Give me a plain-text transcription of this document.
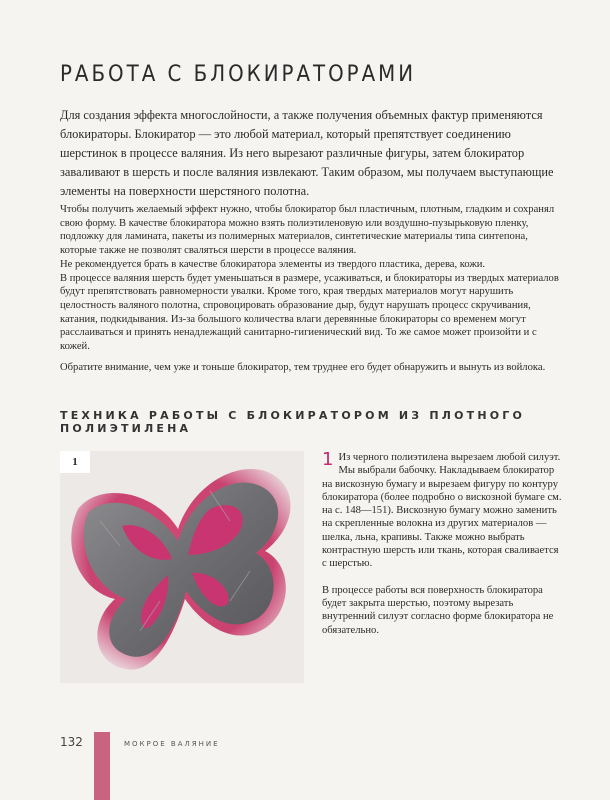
РАБОТА С БЛОКИРАТОРАМИ

Для создания эффекта многослойности, а также получения объемных фактур применяются блокираторы. Блокиратор — это любой материал, который препятствует соединению шерстинок в процессе валяния. Из него вырезают различные фигуры, затем блокиратор заваливают в шерсть и после валяния извлекают. Таким образом, мы получаем выступающие элементы на поверхности шерстяного полотна.

Чтобы получить желаемый эффект нужно, чтобы блокиратор был пластичным, плотным, гладким и сохранял свою форму. В качестве блокиратора можно взять полиэтиленовую или воздушно-пузырьковую пленку, подложку для ламината, пакеты из полимерных материалов, синтетические материалы типа синтепона, которые также не позволят сваляться шерсти в процессе валяния.

Не рекомендуется брать в качестве блокиратора элементы из твердого пластика, дерева, кожи.

В процессе валяния шерсть будет уменьшаться в размере, усаживаться, и блокираторы из твердых материалов будут препятствовать равномерности увалки. Кроме того, края твердых материалов могут нарушить целостность валяного полотна, спровоцировать образование дыр, будут нарушать процесс скручивания, катания, подкидывания. Из-за большого количества влаги деревянные блокираторы со временем могут расслаиваться и принять ненадлежащий санитарно-гигиенический вид. То же самое может произойти и с кожей.

Обратите внимание, чем уже и тоньше блокиратор, тем труднее его будет обнаружить и вынуть из войлока.

ТЕХНИКА РАБОТЫ С БЛОКИРАТОРОМ ИЗ ПЛОТНОГО ПОЛИЭТИЛЕНА
1	1 Из черного полиэтилена вырезаем любой силуэт. Мы выбрали бабочку. Накладываем блокиратор на вискозную бумагу и вырезаем фигуру по контуру блокиратора (более подробно о вискозной бумаге см. на с. 148—151). Вискозную бумагу можно заменить на скрепленные волокна из других материалов — шелка, льна, крапивы. Также можно выбрать контрастную шерсть или ткань, которая сваливается с шерстью.

В процессе работы вся поверхность блокиратора будет закрыта шерстью, поэтому вырезать внутренний силуэт согласно форме блокиратора не обязательно.

132	МОКРОЕ ВАЛЯНИЕ
